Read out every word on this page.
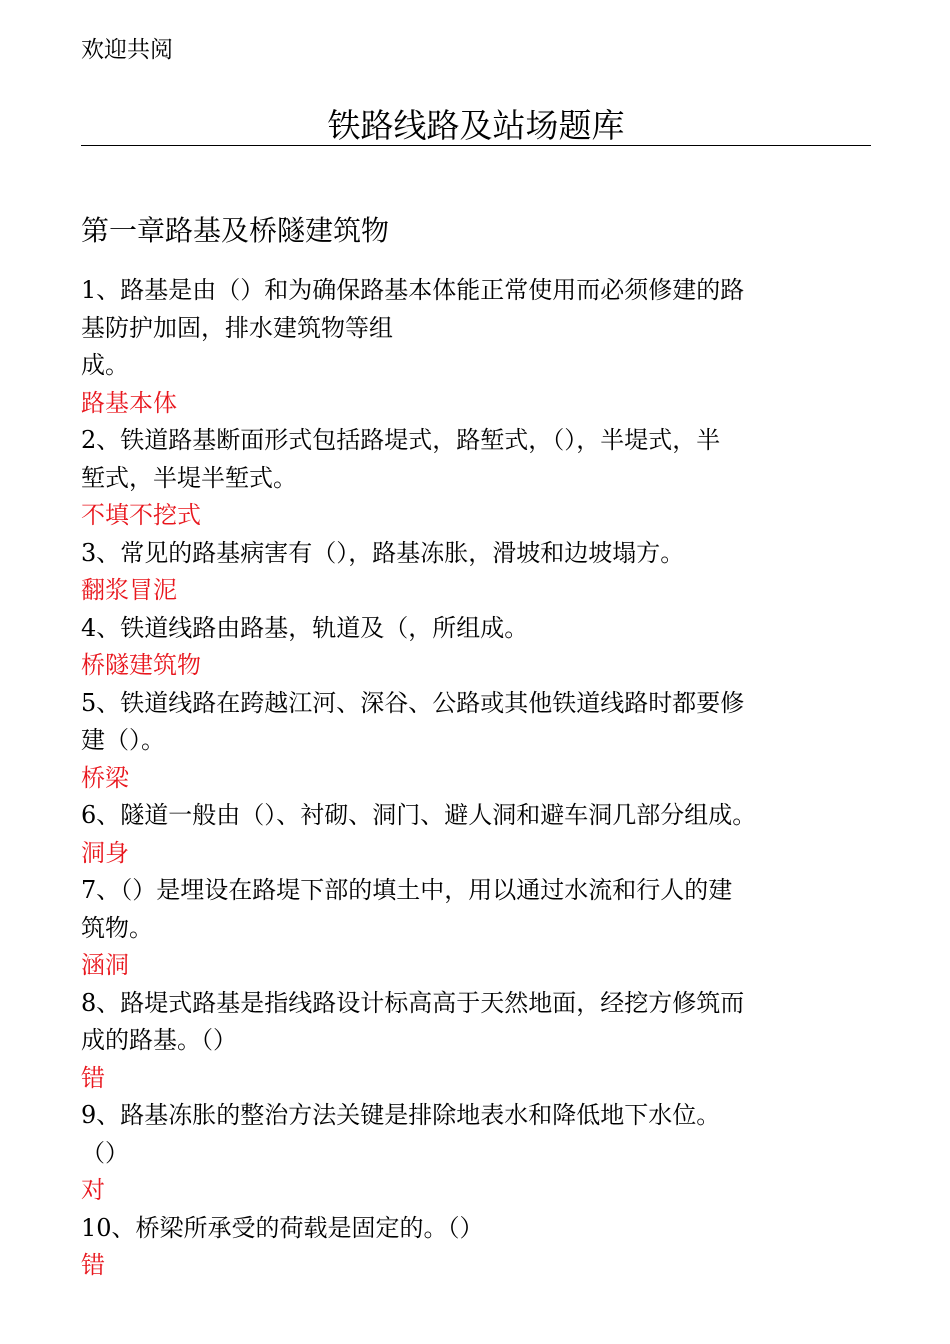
欢迎共阅
铁路线路及站场题库
第一章路基及桥隧建筑物
1、路基是由（）和为确保路基本体能正常使用而必须修建的路
基防护加固，排水建筑物等组
成。
路基本体
2、铁道路基断面形式包括路堤式，路堑式，（），半堤式，半
堑式，半堤半堑式。
不填不挖式
3、常见的路基病害有（），路基冻胀，滑坡和边坡塌方。
翻浆冒泥
4、铁道线路由路基，轨道及（，所组成。
桥隧建筑物
5、铁道线路在跨越江河、深谷、公路或其他铁道线路时都要修
建（）。
桥梁
6、隧道一般由（）、衬砌、洞门、避人洞和避车洞几部分组成。
洞身
7、（）是埋设在路堤下部的填土中，用以通过水流和行人的建
筑物。
涵洞
8、路堤式路基是指线路设计标高高于天然地面，经挖方修筑而
成的路基。（）
错
9、路基冻胀的整治方法关键是排除地表水和降低地下水位。
（）
对
10、桥梁所承受的荷载是固定的。（）
错
